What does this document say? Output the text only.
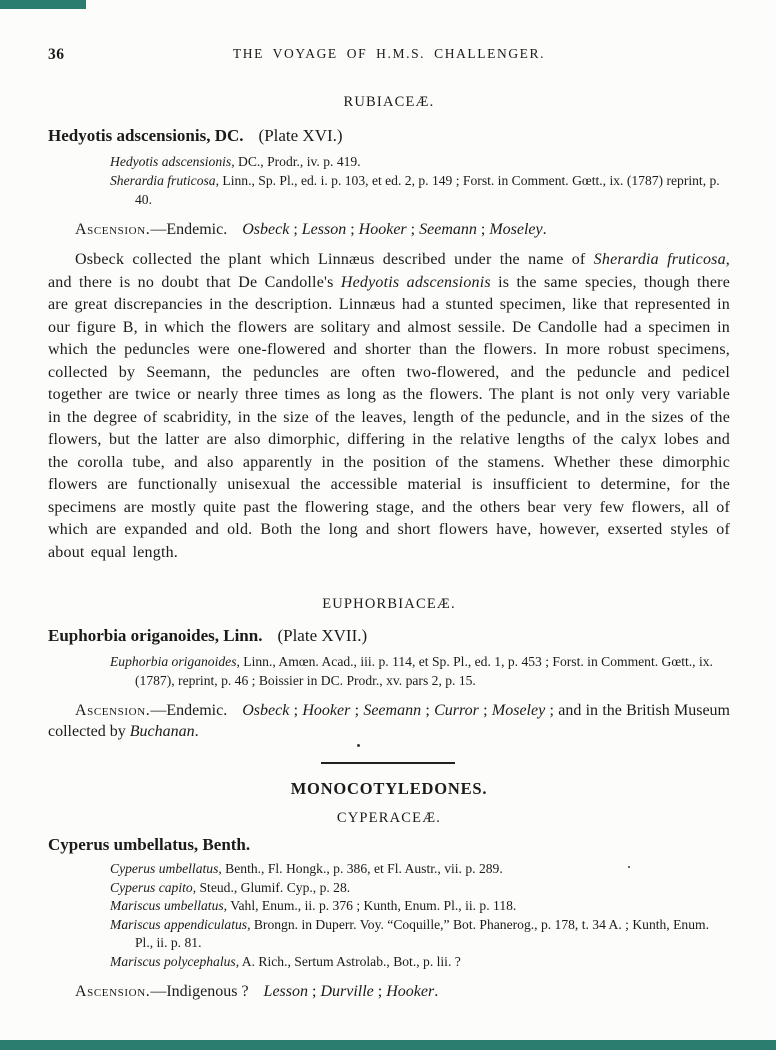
36	THE VOYAGE OF H.M.S. CHALLENGER.
RUBIACEÆ.
Hedyotis adscensionis, DC. (Plate XVI.)

Hedyotis adscensionis, DC., Prodr., iv. p. 419.

Sherardia fruticosa, Linn., Sp. Pl., ed. i. p. 103, et ed. 2, p. 149 ; Forst. in Comment. Gœtt., ix. (1787) reprint, p. 40.

Ascension.—Endemic. Osbeck ; Lesson ; Hooker ; Seemann ; Moseley.

Osbeck collected the plant which Linnæus described under the name of Sherardia fruticosa, and there is no doubt that De Candolle's Hedyotis adscensionis is the same species, though there are great discrepancies in the description. Linnæus had a stunted specimen, like that represented in our figure B, in which the flowers are solitary and almost sessile. De Candolle had a specimen in which the peduncles were one-flowered and shorter than the flowers. In more robust specimens, collected by Seemann, the peduncles are often two-flowered, and the peduncle and pedicel together are twice or nearly three times as long as the flowers. The plant is not only very variable in the degree of scabridity, in the size of the leaves, length of the peduncle, and in the sizes of the flowers, but the latter are also dimorphic, differing in the relative lengths of the calyx lobes and the corolla tube, and also apparently in the position of the stamens. Whether these dimorphic flowers are functionally unisexual the accessible material is insufficient to determine, for the specimens are mostly quite past the flowering stage, and the others bear very few flowers, all of which are expanded and old. Both the long and short flowers have, however, exserted styles of about equal length.

EUPHORBIACEÆ.
Euphorbia origanoides, Linn. (Plate XVII.)

Euphorbia origanoides, Linn., Amœn. Acad., iii. p. 114, et Sp. Pl., ed. 1, p. 453 ; Forst. in Comment. Gœtt., ix. (1787), reprint, p. 46 ; Boissier in DC. Prodr., xv. pars 2, p. 15.

Ascension.—Endemic. Osbeck ; Hooker ; Seemann ; Curror ; Moseley ; and in the British Museum collected by Buchanan.

MONOCOTYLEDONES.
CYPERACEÆ.
Cyperus umbellatus, Benth.

Cyperus umbellatus, Benth., Fl. Hongk., p. 386, et Fl. Austr., vii. p. 289.

Cyperus capito, Steud., Glumif. Cyp., p. 28.

Mariscus umbellatus, Vahl, Enum., ii. p. 376 ; Kunth, Enum. Pl., ii. p. 118.

Mariscus appendiculatus, Brongn. in Duperr. Voy. “Coquille,” Bot. Phanerog., p. 178, t. 34 A. ; Kunth, Enum. Pl., ii. p. 81.

Mariscus polycephalus, A. Rich., Sertum Astrolab., Bot., p. lii. ?

Ascension.—Indigenous ? Lesson ; Durville ; Hooker.
